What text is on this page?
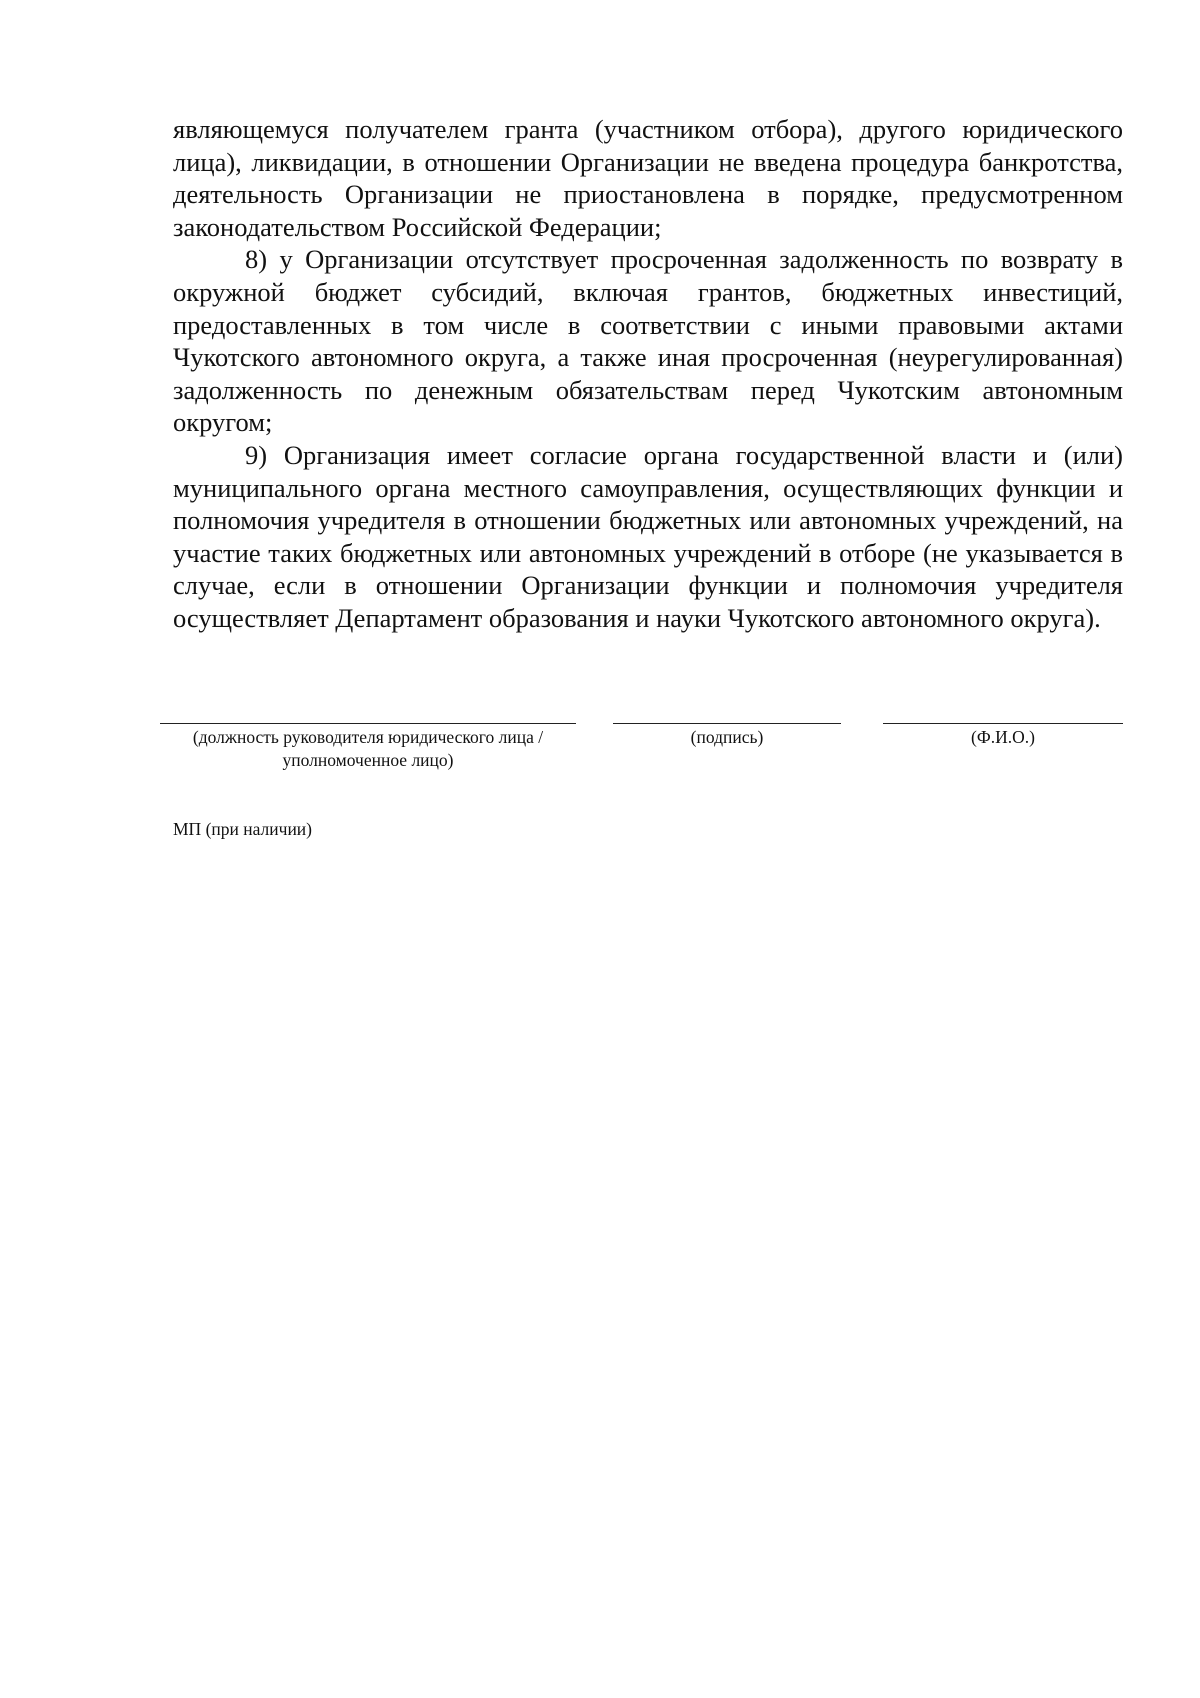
являющемуся получателем гранта (участником отбора), другого юридического лица), ликвидации, в отношении Организации не введена процедура банкротства, деятельность Организации не приостановлена в порядке, предусмотренном законодательством Российской Федерации;

8) у Организации отсутствует просроченная задолженность по возврату в окружной бюджет субсидий, включая грантов, бюджетных инвестиций, предоставленных в том числе в соответствии с иными правовыми актами Чукотского автономного округа, а также иная просроченная (неурегулированная) задолженность по денежным обязательствам перед Чукотским автономным округом;

9) Организация имеет согласие органа государственной власти и (или) муниципального органа местного самоуправления, осуществляющих функции и полномочия учредителя в отношении бюджетных или автономных учреждений, на участие таких бюджетных или автономных учреждений в отборе (не указывается в случае, если в отношении Организации функции и полномочия учредителя осуществляет Департамент образования и науки Чукотского автономного округа).

(должность руководителя юридического лица /
уполномоченное лицо)
(подпись)	(Ф.И.О.)
МП (при наличии)
